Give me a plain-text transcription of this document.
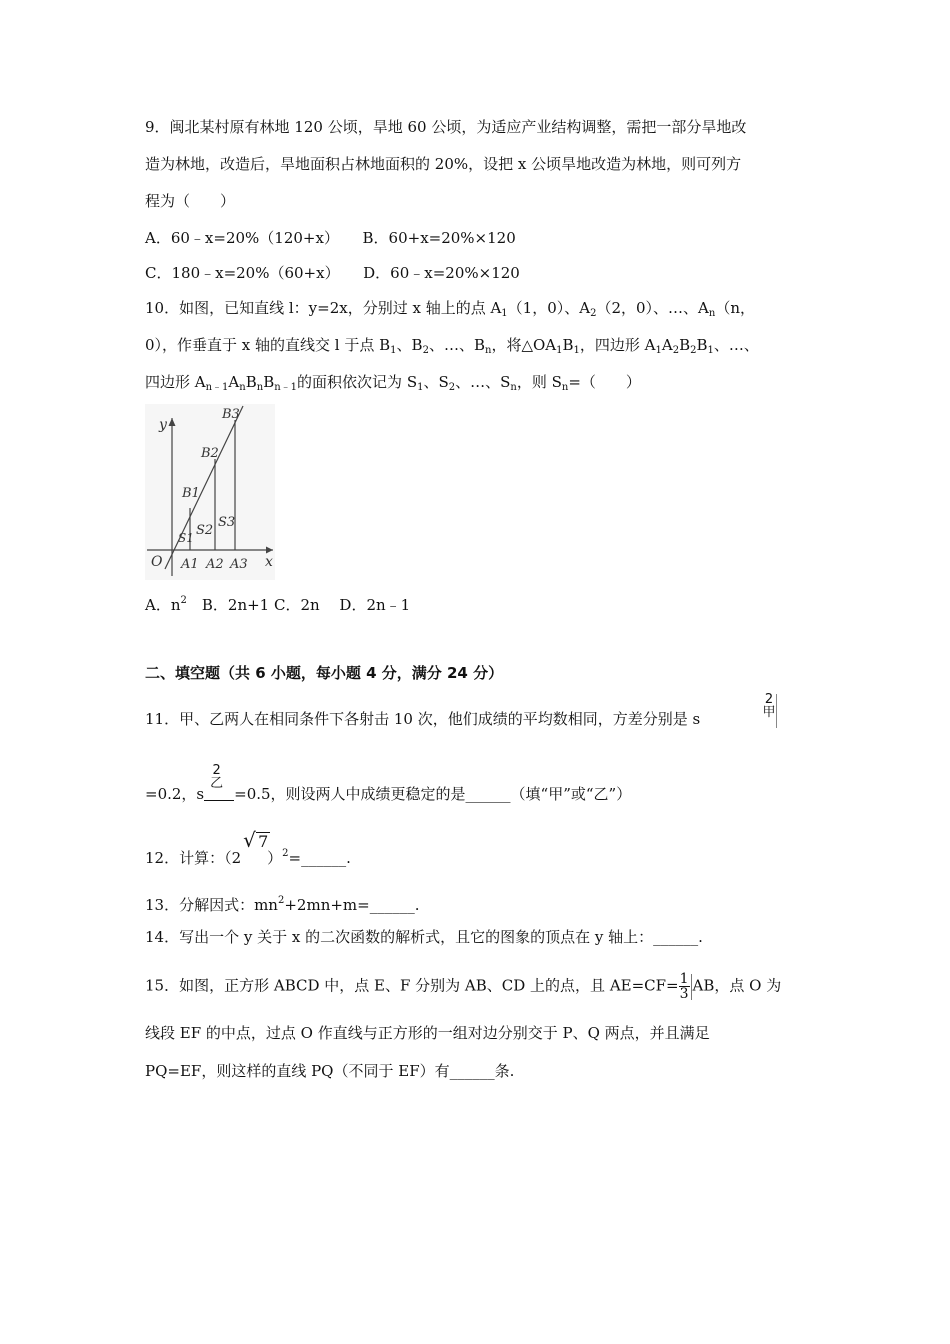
9．闽北某村原有林地 120 公顷，旱地 60 公顷，为适应产业结构调整，需把一部分旱地改
造为林地，改造后，旱地面积占林地面积的 20%，设把 x 公顷旱地改造为林地，则可列方
程为（　　）
A．60﹣x=20%（120+x） B．60+x=20%×120
C．180﹣x=20%（60+x） D．60﹣x=20%×120
10．如图，已知直线 l：y=2x，分别过 x 轴上的点 $A_1(1$，0）、$A_2(2$，0）、…、$A_n(n$，
0），作垂直于 x 轴的直线交 l 于点 $B_1$、$B_2$、…、$B_n$，将$\triangle OA_1B_1$，四边形 $A_1A_2B_2B_1$、…、
四边形 $A_{n﹣1}A_nB_nB_{n﹣1}$的面积依次记为 $S_1$、$S_2$、…、$S_n$，则 $S_n=$（　　）
y
x
O A1 A2 A3
B1
B2
B3
S1 S2
S3
A．$n^2$　B．2n+1 C．2n　 D．2n﹣1
二、填空题（共 6 小题，每小题 4 分，满分 24 分）
11．甲、乙两人在相同条件下各射击 10 次，他们成绩的平均数相同，方差分别是 s
2
甲
=0.2，s
2
乙
=0.5，则设两人中成绩更稳定的是______（填“甲”或“乙”）
12．计算：（2
√ 7
）$^2$=______.
13．分解因式：$mn^2+2mn+m=\_\_\_\_\_\_$.
14．写出一个 y 关于 x 的二次函数的解析式，且它的图象的顶点在 y 轴上：______.
15．如图，正方形 ABCD 中，点 E、F 分别为 AB、CD 上的点，且 $AE=CF= \frac{1}{3}$ AB，点 O 为
线段 EF 的中点，过点 O 作直线与正方形的一组对边分别交于 P、Q 两点，并且满足
PQ=EF，则这样的直线 PQ（不同于 EF）有______条.
